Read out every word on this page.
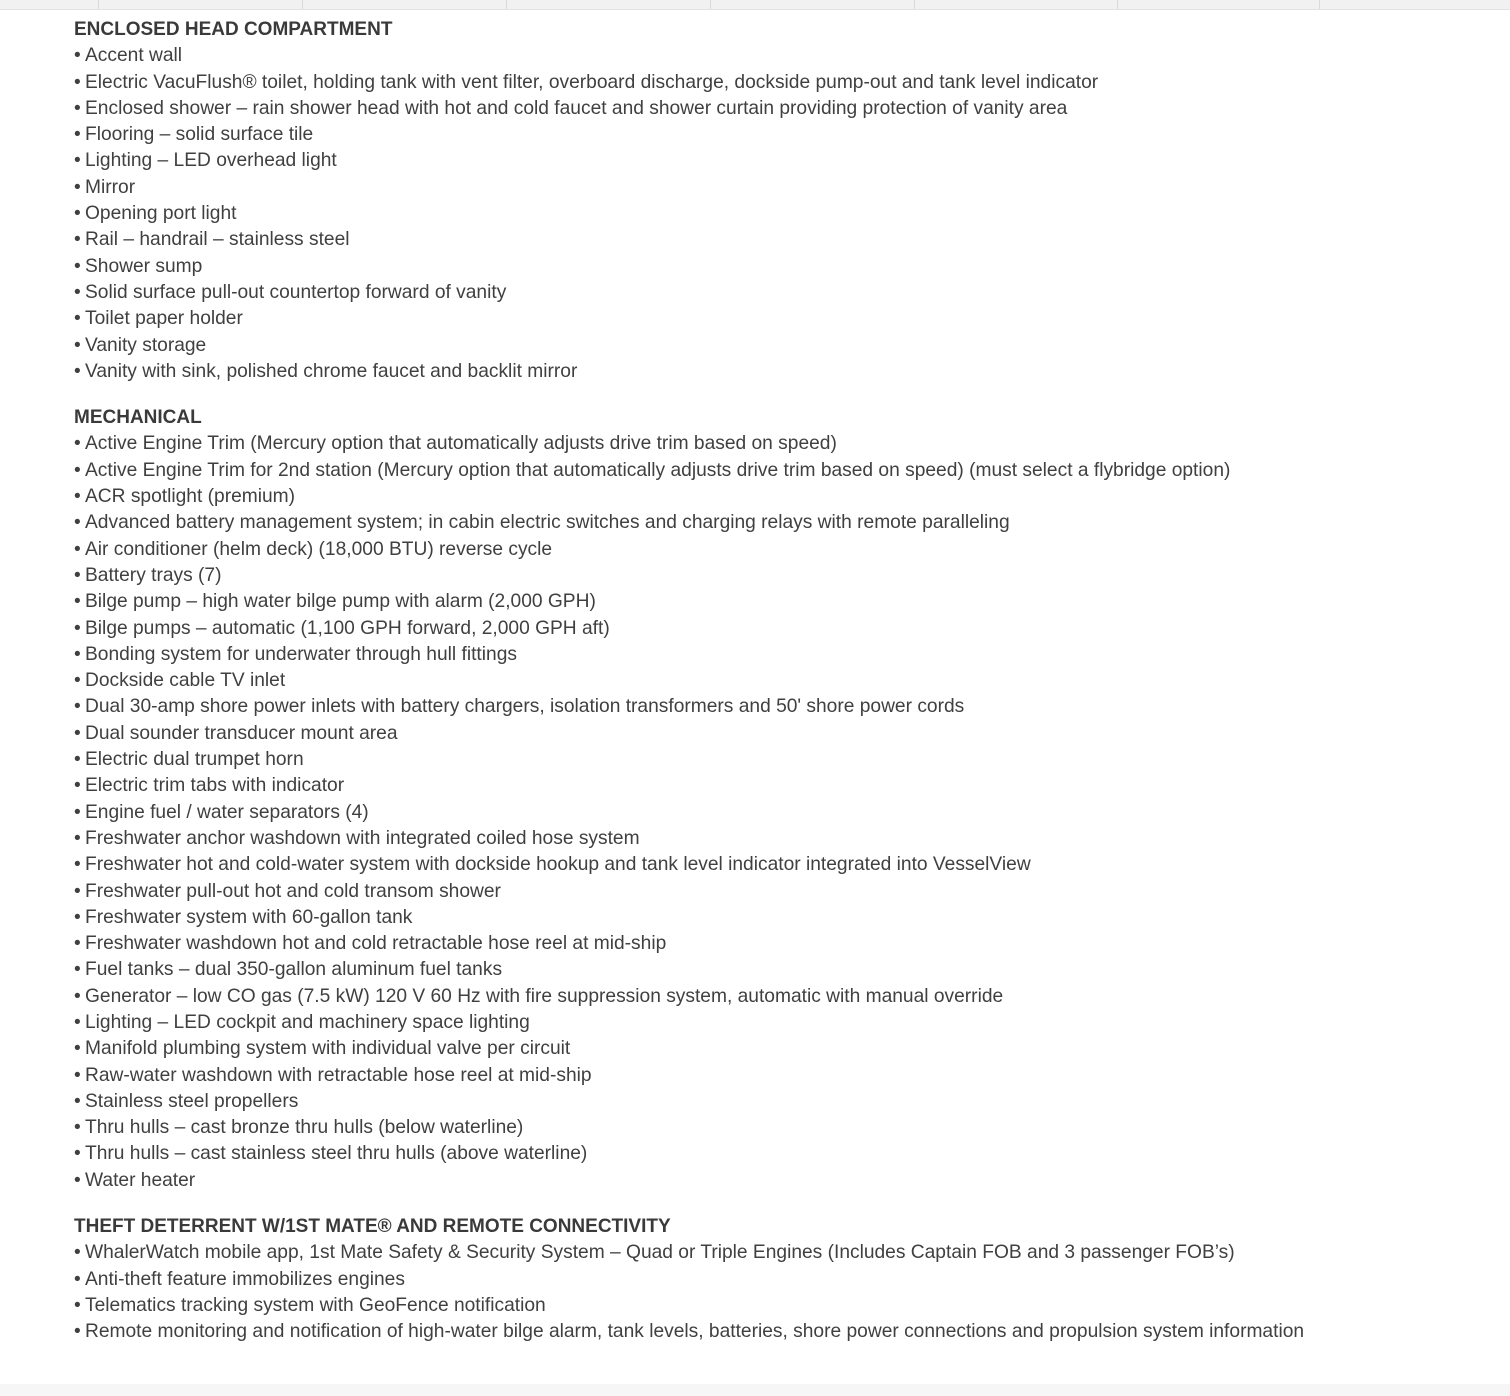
ENCLOSED HEAD COMPARTMENT
• Accent wall
• Electric VacuFlush® toilet, holding tank with vent filter, overboard discharge, dockside pump-out and tank level indicator
• Enclosed shower – rain shower head with hot and cold faucet and shower curtain providing protection of vanity area
• Flooring – solid surface tile
• Lighting – LED overhead light
• Mirror
• Opening port light
• Rail – handrail – stainless steel
• Shower sump
• Solid surface pull-out countertop forward of vanity
• Toilet paper holder
• Vanity storage
• Vanity with sink, polished chrome faucet and backlit mirror
MECHANICAL
• Active Engine Trim (Mercury option that automatically adjusts drive trim based on speed)
• Active Engine Trim for 2nd station (Mercury option that automatically adjusts drive trim based on speed) (must select a flybridge option)
• ACR spotlight (premium)
• Advanced battery management system; in cabin electric switches and charging relays with remote paralleling
• Air conditioner (helm deck) (18,000 BTU) reverse cycle
• Battery trays (7)
• Bilge pump – high water bilge pump with alarm (2,000 GPH)
• Bilge pumps – automatic (1,100 GPH forward, 2,000 GPH aft)
• Bonding system for underwater through hull fittings
• Dockside cable TV inlet
• Dual 30-amp shore power inlets with battery chargers, isolation transformers and 50' shore power cords
• Dual sounder transducer mount area
• Electric dual trumpet horn
• Electric trim tabs with indicator
• Engine fuel / water separators (4)
• Freshwater anchor washdown with integrated coiled hose system
• Freshwater hot and cold-water system with dockside hookup and tank level indicator integrated into VesselView
• Freshwater pull-out hot and cold transom shower
• Freshwater system with 60-gallon tank
• Freshwater washdown hot and cold retractable hose reel at mid-ship
• Fuel tanks – dual 350-gallon aluminum fuel tanks
• Generator – low CO gas (7.5 kW) 120 V 60 Hz with fire suppression system, automatic with manual override
• Lighting – LED cockpit and machinery space lighting
• Manifold plumbing system with individual valve per circuit
• Raw-water washdown with retractable hose reel at mid-ship
• Stainless steel propellers
• Thru hulls – cast bronze thru hulls (below waterline)
• Thru hulls – cast stainless steel thru hulls (above waterline)
• Water heater
THEFT DETERRENT W/1ST MATE® AND REMOTE CONNECTIVITY
• WhalerWatch mobile app, 1st Mate Safety & Security System – Quad or Triple Engines (Includes Captain FOB and 3 passenger FOB’s)
• Anti-theft feature immobilizes engines
• Telematics tracking system with GeoFence notification
• Remote monitoring and notification of high-water bilge alarm, tank levels, batteries, shore power connections and propulsion system information
